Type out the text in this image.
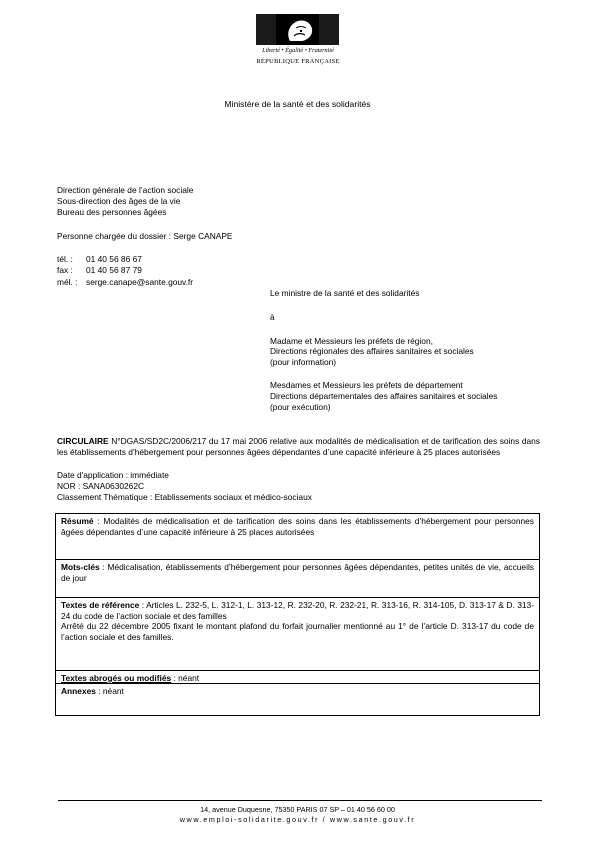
Liberté • Égalité • Fraternité
RÉPUBLIQUE FRANÇAISE
Ministère de la santé et des solidarités
Direction générale de l’action sociale
Sous-direction des âges de la vie
Bureau des personnes âgées
Personne chargée du dossier : Serge CANAPE
tél. : 01 40 56 86 67
fax : 01 40 56 87 79
mél. : serge.canape@sante.gouv.fr
Le ministre de la santé et des solidarités
à
Madame et Messieurs les préfets de région,
Directions régionales des affaires sanitaires et sociales
(pour information)
Mesdames et Messieurs les préfets de département
Directions départementales des affaires sanitaires et sociales
(pour exécution)
CIRCULAIRE N°DGAS/SD2C/2006/217 du 17 mai 2006 relative aux modalités de médicalisation et de tarification des soins dans les établissements d’hébergement pour personnes âgées dépendantes d’une capacité inférieure à 25 places autorisées
Date d'application : immédiate
NOR : SANA0630262C
Classement Thématique : Etablissements sociaux et médico-sociaux
Résumé : Modalités de médicalisation et de tarification des soins dans les établissements d’hébergement pour personnes âgées dépendantes d’une capacité inférieure à 25 places autorisées
Mots-clés : Médicalisation, établissements d’hébergement pour personnes âgées dépendantes, petites unités de vie, accueils de jour
Textes de référence : Articles L. 232-5, L. 312-1, L. 313-12, R. 232-20, R. 232-21, R. 313-16, R. 314-105, D. 313-17 & D. 313-24 du code de l’action sociale et des familles
Arrêté du 22 décembre 2005 fixant le montant plafond du forfait journalier mentionné au 1° de l’article D. 313-17 du code de l’action sociale et des familles.
Textes abrogés ou modifiés : néant
Annexes : néant
14, avenue Duquesne, 75350 PARIS 07 SP – 01 40 56 60 00
www.emploi-solidarite.gouv.fr / www.sante.gouv.fr
